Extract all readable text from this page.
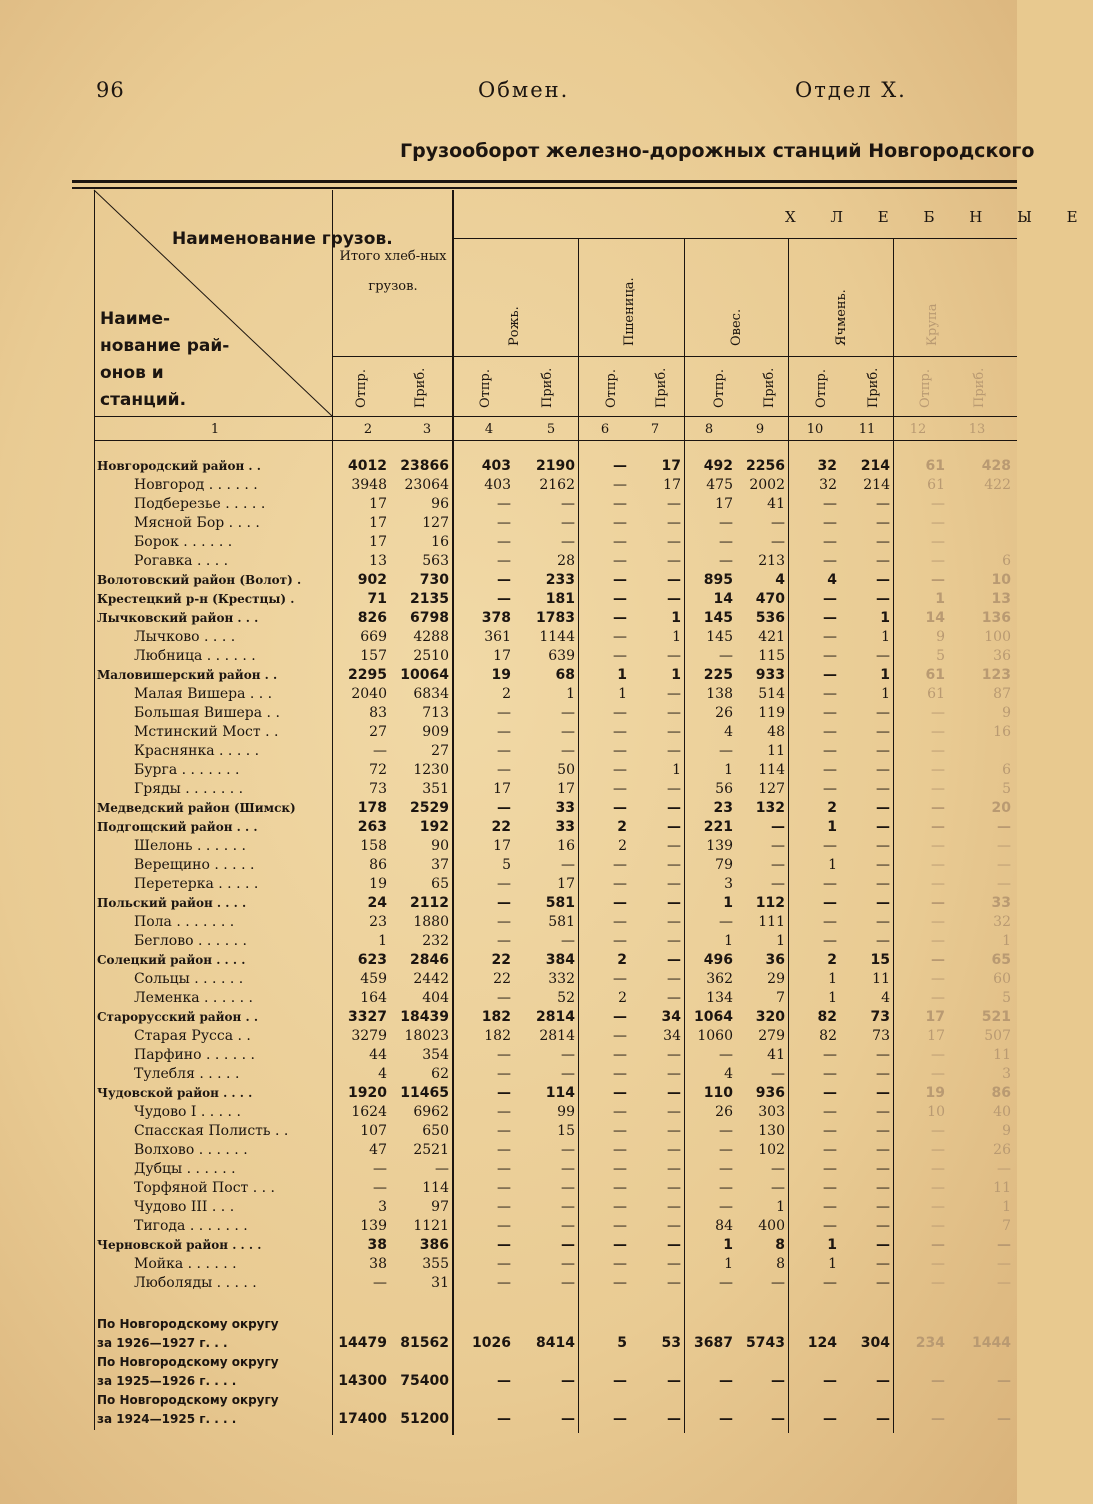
96	Обмен.	Отдел X.
Грузооборот железно-дорожных станций Новгородского
Наименование грузов.
Наиме-нование рай-онов и станций.
Х Л Е Б Н Ы Е
Итого хлеб-ных грузов.
Рожь.	Пшеница.	Овес.	Ячмень.	Крупа
Отпр.	Приб.	Отпр.	Приб.	Отпр.	Приб.	Отпр.	Приб.	Отпр.	Приб.	Отпр.	Приб.
1	2	3	4	5	6	7	8	9	10	11	12	13
Новгородский район . .	4012	23866	403	2190	—	17	492	2256	32	214	61	428
Новгород . . . . . .	3948	23064	403	2162	—	17	475	2002	32	214	61	422
Подберезье . . . . .	17	96	—	—	—	—	17	41	—	—	—	
Мясной Бор . . . .	17	127	—	—	—	—	—	—	—	—	—	
Борок . . . . . .	17	16	—	—	—	—	—	—	—	—	—	
Рогавка . . . .	13	563	—	28	—	—	—	213	—	—	—	6
Волотовский район (Волот) .	902	730	—	233	—	—	895	4	4	—	—	10
Крестецкий р-н (Крестцы) .	71	2135	—	181	—	—	14	470	—	—	1	13
Лычковский район . . .	826	6798	378	1783	—	1	145	536	—	1	14	136
Лычково . . . .	669	4288	361	1144	—	1	145	421	—	1	9	100
Любница . . . . . .	157	2510	17	639	—	—	—	115	—	—	5	36
Маловишерский район . .	2295	10064	19	68	1	1	225	933	—	1	61	123
Малая Вишера . . .	2040	6834	2	1	1	—	138	514	—	1	61	87
Большая Вишера . .	83	713	—	—	—	—	26	119	—	—	—	9
Мстинский Мост . .	27	909	—	—	—	—	4	48	—	—	—	16
Краснянка . . . . .	—	27	—	—	—	—	—	11	—	—	—	
Бурга . . . . . . .	72	1230	—	50	—	1	1	114	—	—	—	6
Гряды . . . . . . .	73	351	17	17	—	—	56	127	—	—	—	5
Медведский район (Шимск)	178	2529	—	33	—	—	23	132	2	—	—	20
Подгощский район . . .	263	192	22	33	2	—	221	—	1	—	—	—
Шелонь . . . . . .	158	90	17	16	2	—	139	—	—	—	—	—
Верещино . . . . .	86	37	5	—	—	—	79	—	1	—	—	—
Перетерка . . . . .	19	65	—	17	—	—	3	—	—	—	—	—
Польский район . . . .	24	2112	—	581	—	—	1	112	—	—	—	33
Пола . . . . . . .	23	1880	—	581	—	—	—	111	—	—	—	32
Беглово . . . . . .	1	232	—	—	—	—	1	1	—	—	—	1
Солецкий район . . . .	623	2846	22	384	2	—	496	36	2	15	—	65
Сольцы . . . . . .	459	2442	22	332	—	—	362	29	1	11	—	60
Леменка . . . . . .	164	404	—	52	2	—	134	7	1	4	—	5
Старорусский район . .	3327	18439	182	2814	—	34	1064	320	82	73	17	521
Старая Русса . .	3279	18023	182	2814	—	34	1060	279	82	73	17	507
Парфино . . . . . .	44	354	—	—	—	—	—	41	—	—	—	11
Тулебля . . . . .	4	62	—	—	—	—	4	—	—	—	—	3
Чудовской район . . . .	1920	11465	—	114	—	—	110	936	—	—	19	86
Чудово I . . . . .	1624	6962	—	99	—	—	26	303	—	—	10	40
Спасская Полисть . .	107	650	—	15	—	—	—	130	—	—	—	9
Волхово . . . . . .	47	2521	—	—	—	—	—	102	—	—	—	26
Дубцы . . . . . .	—	—	—	—	—	—	—	—	—	—	—	—
Торфяной Пост . . .	—	114	—	—	—	—	—	—	—	—	—	11
Чудово III . . .	3	97	—	—	—	—	—	1	—	—	—	1
Тигода . . . . . . .	139	1121	—	—	—	—	84	400	—	—	—	7
Черновской район . . . .	38	386	—	—	—	—	1	8	1	—	—	—
Мойка . . . . . .	38	355	—	—	—	—	1	8	1	—	—	—
Люболяды . . . . .	—	31	—	—	—	—	—	—	—	—	—	—

По Новгородскому округу												
за 1926—1927 г. . .	14479	81562	1026	8414	5	53	3687	5743	124	304	234	1444
По Новгородскому округу												
за 1925—1926 г. . . .	14300	75400	—	—	—	—	—	—	—	—	—	—
По Новгородскому округу												
за 1924—1925 г. . . .	17400	51200	—	—	—	—	—	—	—	—	—	—
